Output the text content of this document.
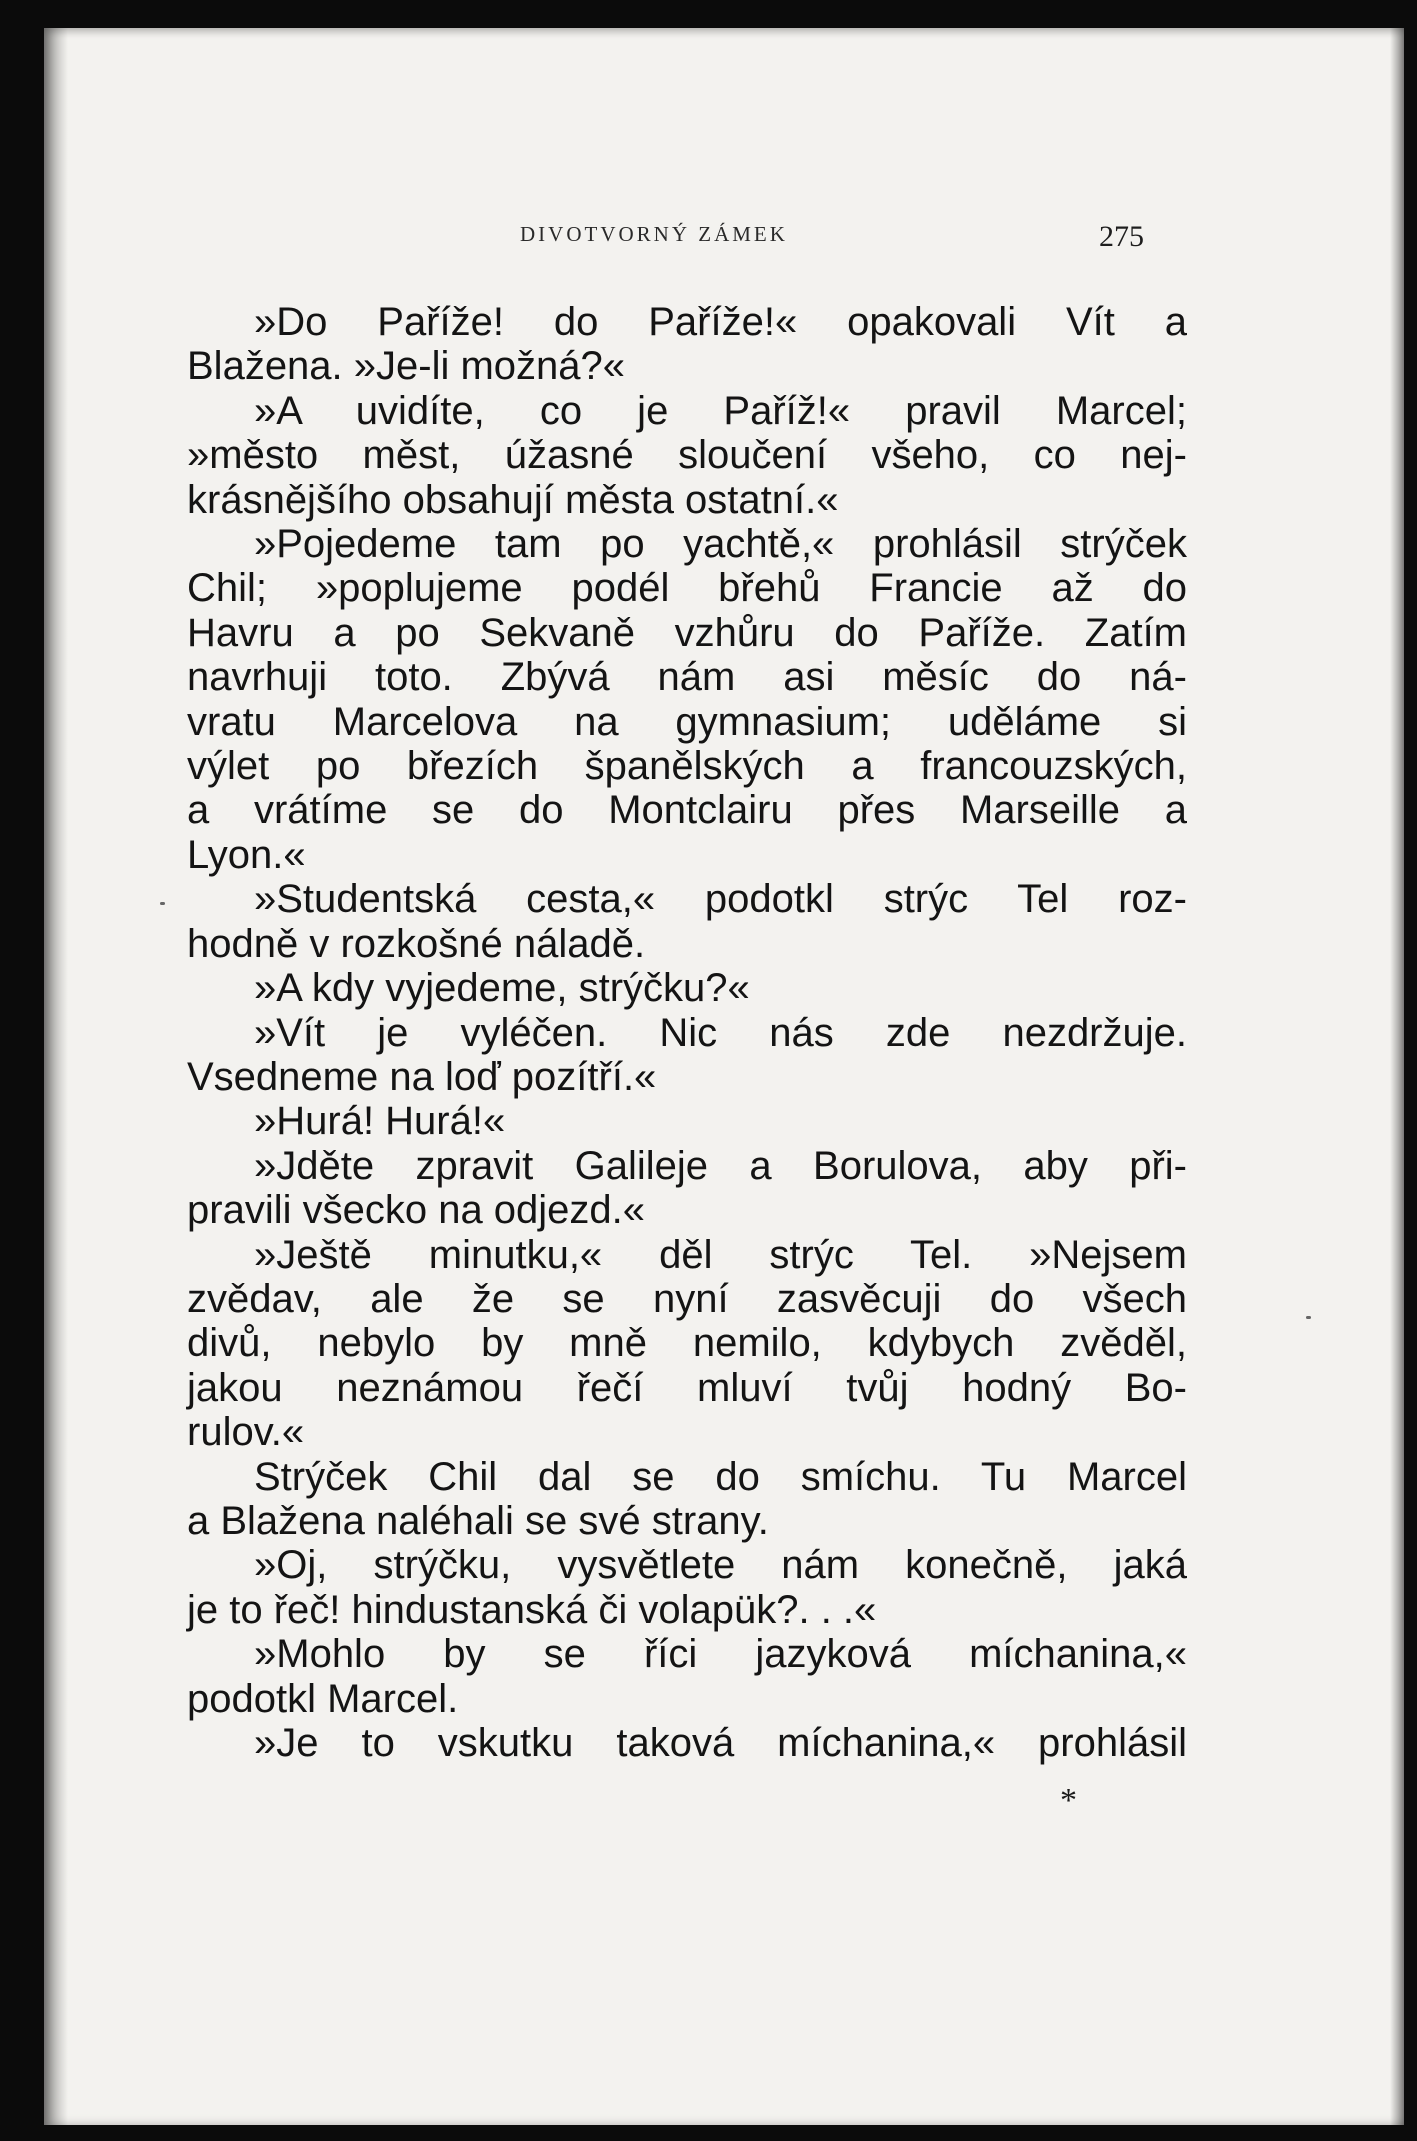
DIVOTVORNÝ ZÁMEK	275
»Do Paříže! do Paříže!« opakovali Vít a
Blažena. »Je-li možná?«
»A uvidíte, co je Paříž!« pravil Marcel;
»město měst, úžasné sloučení všeho, co nej-
krásnějšího obsahují města ostatní.«
»Pojedeme tam po yachtě,« prohlásil strýček
Chil; »poplujeme podél břehů Francie až do
Havru a po Sekvaně vzhůru do Paříže. Zatím
navrhuji toto. Zbývá nám asi měsíc do ná-
vratu Marcelova na gymnasium; uděláme si
výlet po březích španělských a francouzských,
a vrátíme se do Montclairu přes Marseille a
Lyon.«
»Studentská cesta,« podotkl strýc Tel roz-
hodně v rozkošné náladě.
»A kdy vyjedeme, strýčku?«
»Vít je vyléčen. Nic nás zde nezdržuje.
Vsedneme na loď pozítří.«
»Hurá! Hurá!«
»Jděte zpravit Galileje a Borulova, aby při-
pravili všecko na odjezd.«
»Ještě minutku,« děl strýc Tel. »Nejsem
zvědav, ale že se nyní zasvěcuji do všech
divů, nebylo by mně nemilo, kdybych zvěděl,
jakou neznámou řečí mluví tvůj hodný Bo-
rulov.«
Strýček Chil dal se do smíchu. Tu Marcel
a Blažena naléhali se své strany.
»Oj, strýčku, vysvětlete nám konečně, jaká
je to řeč! hindustanská či volapük?. . .«
»Mohlo by se říci jazyková míchanina,«
podotkl Marcel.
»Je to vskutku taková míchanina,« prohlásil
*
